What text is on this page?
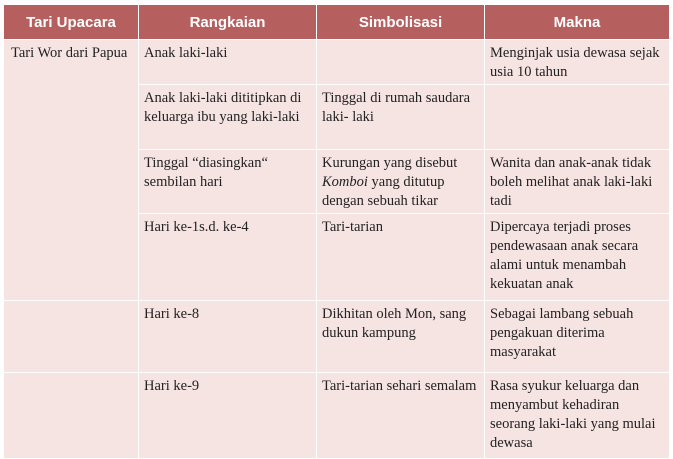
Tari Upacara	Rangkaian	Simbolisasi	Makna
Tari Wor dari Papua	Anak laki-laki		Menginjak usia dewasa sejak usia 10 tahun
	Anak laki-laki dititipkan di keluarga ibu yang laki-laki	Tinggal di rumah saudara laki- laki	
	Tinggal “diasingkan“ sembilan hari	Kurungan yang disebut Komboi yang ditutup dengan sebuah tikar	Wanita dan anak-anak tidak boleh melihat anak laki-laki tadi
	Hari ke-1s.d. ke-4	Tari-tarian	Dipercaya terjadi proses pendewasaan anak secara alami untuk menambah kekuatan anak
	Hari ke-8	Dikhitan oleh Mon, sang dukun kampung	Sebagai lambang sebuah pengakuan diterima masyarakat
	Hari ke-9	Tari-tarian sehari semalam	Rasa syukur keluarga dan menyambut kehadiran seorang laki-laki yang mulai dewasa
